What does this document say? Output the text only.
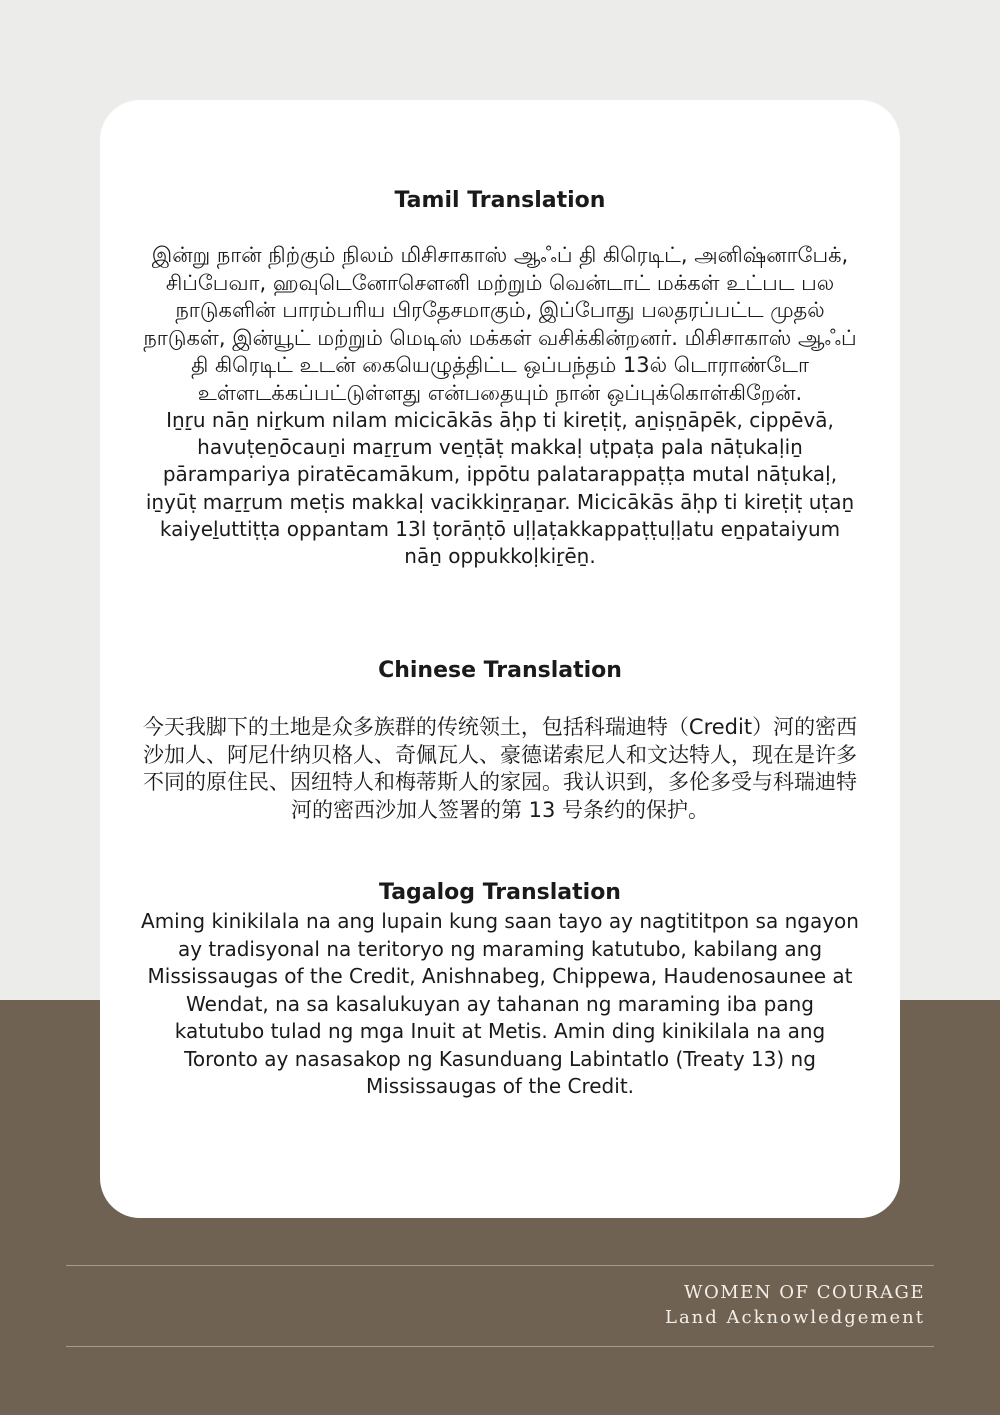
Tamil Translation

இன்று நான் நிற்கும் நிலம் மிசிசாகாஸ் ஆஃப் தி கிரெடிட், அனிஷ்னாபேக், சிப்பேவா, ஹவுடெனோசெளனி மற்றும் வென்டாட் மக்கள் உட்பட பல நாடுகளின் பாரம்பரிய பிரதேசமாகும், இப்போது பலதரப்பட்ட முதல் நாடுகள், இன்யூட் மற்றும் மெடிஸ் மக்கள் வசிக்கின்றனர். மிசிசாகாஸ் ஆஃப் தி கிரெடிட் உடன் கையெழுத்திட்ட ஒப்பந்தம் 13ல் டொராண்டோ உள்ளடக்கப்பட்டுள்ளது என்பதையும் நான் ஒப்புக்கொள்கிறேன்.

Iṉṟu nāṉ niṟkum nilam micicākās āḥp ti kireṭiṭ, aṉiṣṉāpēk, cippēvā, havuṭeṉōcauṉi maṟṟum veṉṭāṭ makkaḷ uṭpaṭa pala nāṭukaḷiṉ pārampariya piratēcamākum, ippōtu palatarappaṭṭa mutal nāṭukaḷ, iṉyūṭ maṟṟum meṭis makkaḷ vacikkiṉṟaṉar. Micicākās āḥp ti kireṭiṭ uṭaṉ kaiyeḻuttiṭṭa oppantam 13l ṭorāṇṭō uḷḷaṭakkappaṭṭuḷḷatu eṉpataiyum nāṉ oppukkoḷkiṟēṉ.

Chinese Translation

今天我脚下的土地是众多族群的传统领土，包括科瑞迪特（Credit）河的密西沙加人、阿尼什纳贝格人、奇佩瓦人、豪德诺索尼人和文达特人，现在是许多不同的原住民、因纽特人和梅蒂斯人的家园。我认识到，多伦多受与科瑞迪特河的密西沙加人签署的第 13 号条约的保护。

Tagalog Translation

Aming kinikilala na ang lupain kung saan tayo ay nagtititpon sa ngayon ay tradisyonal na teritoryo ng maraming katutubo, kabilang ang Mississaugas of the Credit, Anishnabeg, Chippewa, Haudenosaunee at Wendat, na sa kasalukuyan ay tahanan ng maraming iba pang katutubo tulad ng mga Inuit at Metis. Amin ding kinikilala na ang Toronto ay nasasakop ng Kasunduang Labintatlo (Treaty 13) ng Mississaugas of the Credit.

WOMEN OF COURAGE
Land Acknowledgement
